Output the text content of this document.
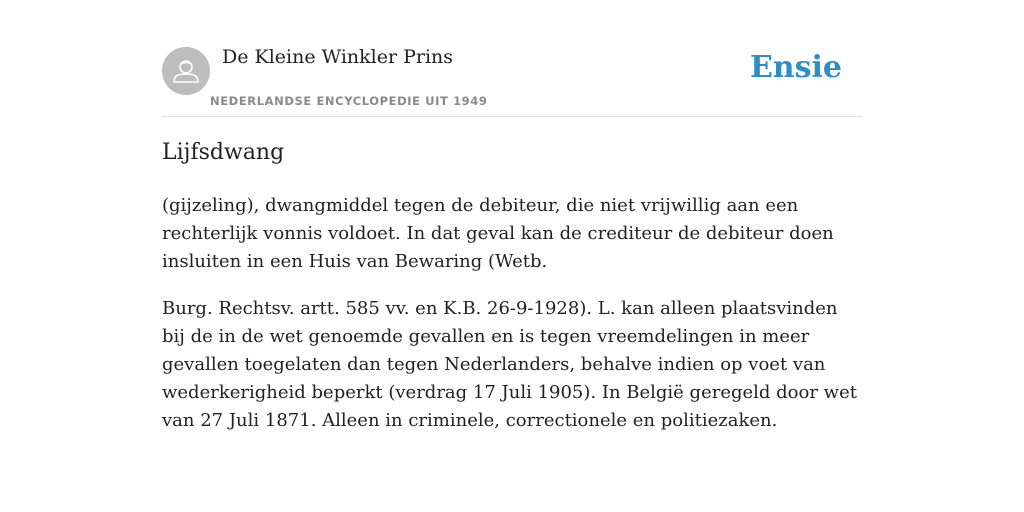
De Kleine Winkler Prins
NEDERLANDSE ENCYCLOPEDIE UIT 1949
Ensie
Lijfsdwang

(gijzeling), dwangmiddel tegen de debiteur, die niet vrijwillig aan een rechterlijk vonnis voldoet. In dat geval kan de crediteur de debiteur doen insluiten in een Huis van Bewaring (Wetb.

Burg. Rechtsv. artt. 585 vv. en K.B. 26-9-1928). L. kan alleen plaatsvinden bij de in de wet genoemde gevallen en is tegen vreemdelingen in meer gevallen toegelaten dan tegen Nederlanders, behalve indien op voet van wederkerigheid beperkt (verdrag 17 Juli 1905). In België geregeld door wet van 27 Juli 1871. Alleen in criminele, correctionele en politiezaken.
